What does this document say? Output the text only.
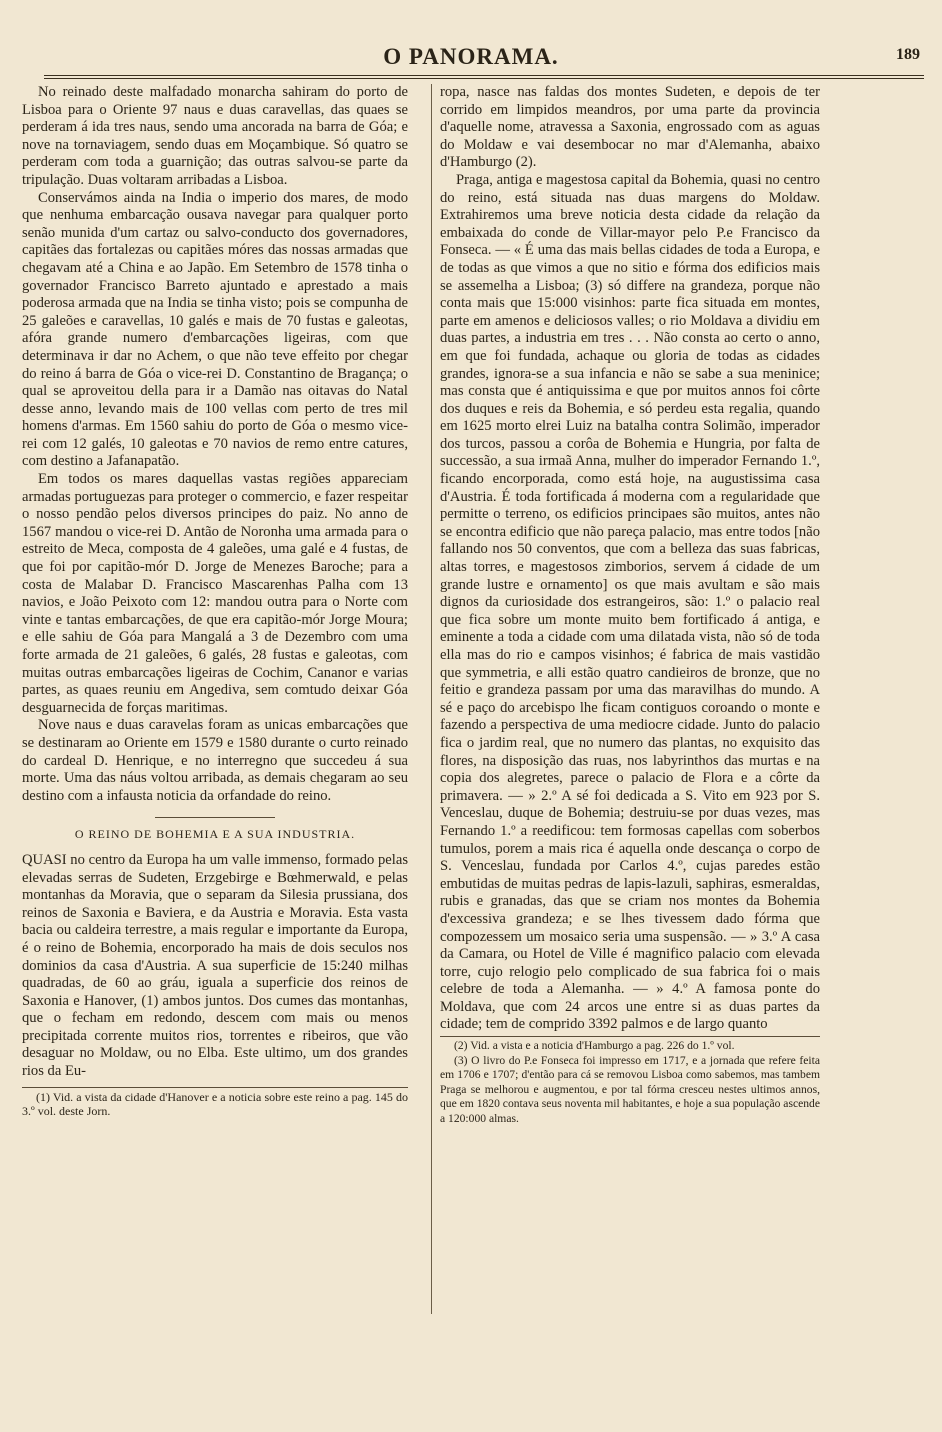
O PANORAMA.	189

No reinado deste malfadado monarcha sahiram do porto de Lisboa para o Oriente 97 naus e duas caravellas, das quaes se perderam á ida tres naus, sendo uma ancorada na barra de Góa; e nove na tornaviagem, sendo duas em Moçambique. Só quatro se perderam com toda a guarnição; das outras salvou-se parte da tripulação. Duas voltaram arribadas a Lisboa.

Conservámos ainda na India o imperio dos mares, de modo que nenhuma embarcação ousava navegar para qualquer porto senão munida d'um cartaz ou salvo-conducto dos governadores, capitães das fortalezas ou capitães móres das nossas armadas que chegavam até a China e ao Japão. Em Setembro de 1578 tinha o governador Francisco Barreto ajuntado e aprestado a mais poderosa armada que na India se tinha visto; pois se compunha de 25 galeões e caravellas, 10 galés e mais de 70 fustas e galeotas, afóra grande numero d'embarcações ligeiras, com que determinava ir dar no Achem, o que não teve effeito por chegar do reino á barra de Góa o vice-rei D. Constantino de Bragança; o qual se aproveitou della para ir a Damão nas oitavas do Natal desse anno, levando mais de 100 vellas com perto de tres mil homens d'armas. Em 1560 sahiu do porto de Góa o mesmo vice-rei com 12 galés, 10 galeotas e 70 navios de remo entre catures, com destino a Jafanapatão.

Em todos os mares daquellas vastas regiões appareciam armadas portuguezas para proteger o commercio, e fazer respeitar o nosso pendão pelos diversos principes do paiz. No anno de 1567 mandou o vice-rei D. Antão de Noronha uma armada para o estreito de Meca, composta de 4 galeões, uma galé e 4 fustas, de que foi por capitão-mór D. Jorge de Menezes Baroche; para a costa de Malabar D. Francisco Mascarenhas Palha com 13 navios, e João Peixoto com 12: mandou outra para o Norte com vinte e tantas embarcações, de que era capitão-mór Jorge Moura; e elle sahiu de Góa para Mangalá a 3 de Dezembro com uma forte armada de 21 galeões, 6 galés, 28 fustas e galeotas, com muitas outras embarcações ligeiras de Cochim, Cananor e varias partes, as quaes reuniu em Angediva, sem comtudo deixar Góa desguarnecida de forças maritimas.

Nove naus e duas caravelas foram as unicas embarcações que se destinaram ao Oriente em 1579 e 1580 durante o curto reinado do cardeal D. Henrique, e no interregno que succedeu á sua morte. Uma das náus voltou arribada, as demais chegaram ao seu destino com a infausta noticia da orfandade do reino.

O REINO DE BOHEMIA E A SUA INDUSTRIA.

QUASI no centro da Europa ha um valle immenso, formado pelas elevadas serras de Sudeten, Erzgebirge e Bœhmerwald, e pelas montanhas da Moravia, que o separam da Silesia prussiana, dos reinos de Saxonia e Baviera, e da Austria e Moravia. Esta vasta bacia ou caldeira terrestre, a mais regular e importante da Europa, é o reino de Bohemia, encorporado ha mais de dois seculos nos dominios da casa d'Austria. A sua superficie de 15:240 milhas quadradas, de 60 ao gráu, iguala a superficie dos reinos de Saxonia e Hanover, (1) ambos juntos. Dos cumes das montanhas, que o fecham em redondo, descem com mais ou menos precipitada corrente muitos rios, torrentes e ribeiros, que vão desaguar no Moldaw, ou no Elba. Este ultimo, um dos grandes rios da Eu-

(1) Vid. a vista da cidade d'Hanover e a noticia sobre este reino a pag. 145 do 3.º vol. deste Jorn.

ropa, nasce nas faldas dos montes Sudeten, e depois de ter corrido em limpidos meandros, por uma parte da provincia d'aquelle nome, atravessa a Saxonia, engrossado com as aguas do Moldaw e vai desembocar no mar d'Alemanha, abaixo d'Hamburgo (2).

Praga, antiga e magestosa capital da Bohemia, quasi no centro do reino, está situada nas duas margens do Moldaw. Extrahiremos uma breve noticia desta cidade da relação da embaixada do conde de Villar-mayor pelo P.e Francisco da Fonseca. — « É uma das mais bellas cidades de toda a Europa, e de todas as que vimos a que no sitio e fórma dos edificios mais se assemelha a Lisboa; (3) só differe na grandeza, porque não conta mais que 15:000 visinhos: parte fica situada em montes, parte em amenos e deliciosos valles; o rio Moldava a dividiu em duas partes, a industria em tres . . . Não consta ao certo o anno, em que foi fundada, achaque ou gloria de todas as cidades grandes, ignora-se a sua infancia e não se sabe a sua meninice; mas consta que é antiquissima e que por muitos annos foi côrte dos duques e reis da Bohemia, e só perdeu esta regalia, quando em 1625 morto elrei Luiz na batalha contra Solimão, imperador dos turcos, passou a corôa de Bohemia e Hungria, por falta de successão, a sua irmaã Anna, mulher do imperador Fernando 1.º, ficando encorporada, como está hoje, na augustissima casa d'Austria. É toda fortificada á moderna com a regularidade que permitte o terreno, os edificios principaes são muitos, antes não se encontra edificio que não pareça palacio, mas entre todos [não fallando nos 50 conventos, que com a belleza das suas fabricas, altas torres, e magestosos zimborios, servem á cidade de um grande lustre e ornamento] os que mais avultam e são mais dignos da curiosidade dos estrangeiros, são: 1.º o palacio real que fica sobre um monte muito bem fortificado á antiga, e eminente a toda a cidade com uma dilatada vista, não só de toda ella mas do rio e campos visinhos; é fabrica de mais vastidão que symmetria, e alli estão quatro candieiros de bronze, que no feitio e grandeza passam por uma das maravilhas do mundo. A sé e paço do arcebispo lhe ficam contiguos coroando o monte e fazendo a perspectiva de uma mediocre cidade. Junto do palacio fica o jardim real, que no numero das plantas, no exquisito das flores, na disposição das ruas, nos labyrinthos das murtas e na copia dos alegretes, parece o palacio de Flora e a côrte da primavera. — » 2.º A sé foi dedicada a S. Vito em 923 por S. Venceslau, duque de Bohemia; destruiu-se por duas vezes, mas Fernando 1.º a reedificou: tem formosas capellas com soberbos tumulos, porem a mais rica é aquella onde descança o corpo de S. Venceslau, fundada por Carlos 4.º, cujas paredes estão embutidas de muitas pedras de lapis-lazuli, saphiras, esmeraldas, rubis e granadas, das que se criam nos montes da Bohemia d'excessiva grandeza; e se lhes tivessem dado fórma que compozessem um mosaico seria uma suspensão. — » 3.º A casa da Camara, ou Hotel de Ville é magnifico palacio com elevada torre, cujo relogio pelo complicado de sua fabrica foi o mais celebre de toda a Alemanha. — » 4.º A famosa ponte do Moldava, que com 24 arcos une entre si as duas partes da cidade; tem de comprido 3392 palmos e de largo quanto

(2) Vid. a vista e a noticia d'Hamburgo a pag. 226 do 1.º vol.

(3) O livro do P.e Fonseca foi impresso em 1717, e a jornada que refere feita em 1706 e 1707; d'então para cá se removou Lisboa como sabemos, mas tambem Praga se melhorou e augmentou, e por tal fórma cresceu nestes ultimos annos, que em 1820 contava seus noventa mil habitantes, e hoje a sua população ascende a 120:000 almas.
